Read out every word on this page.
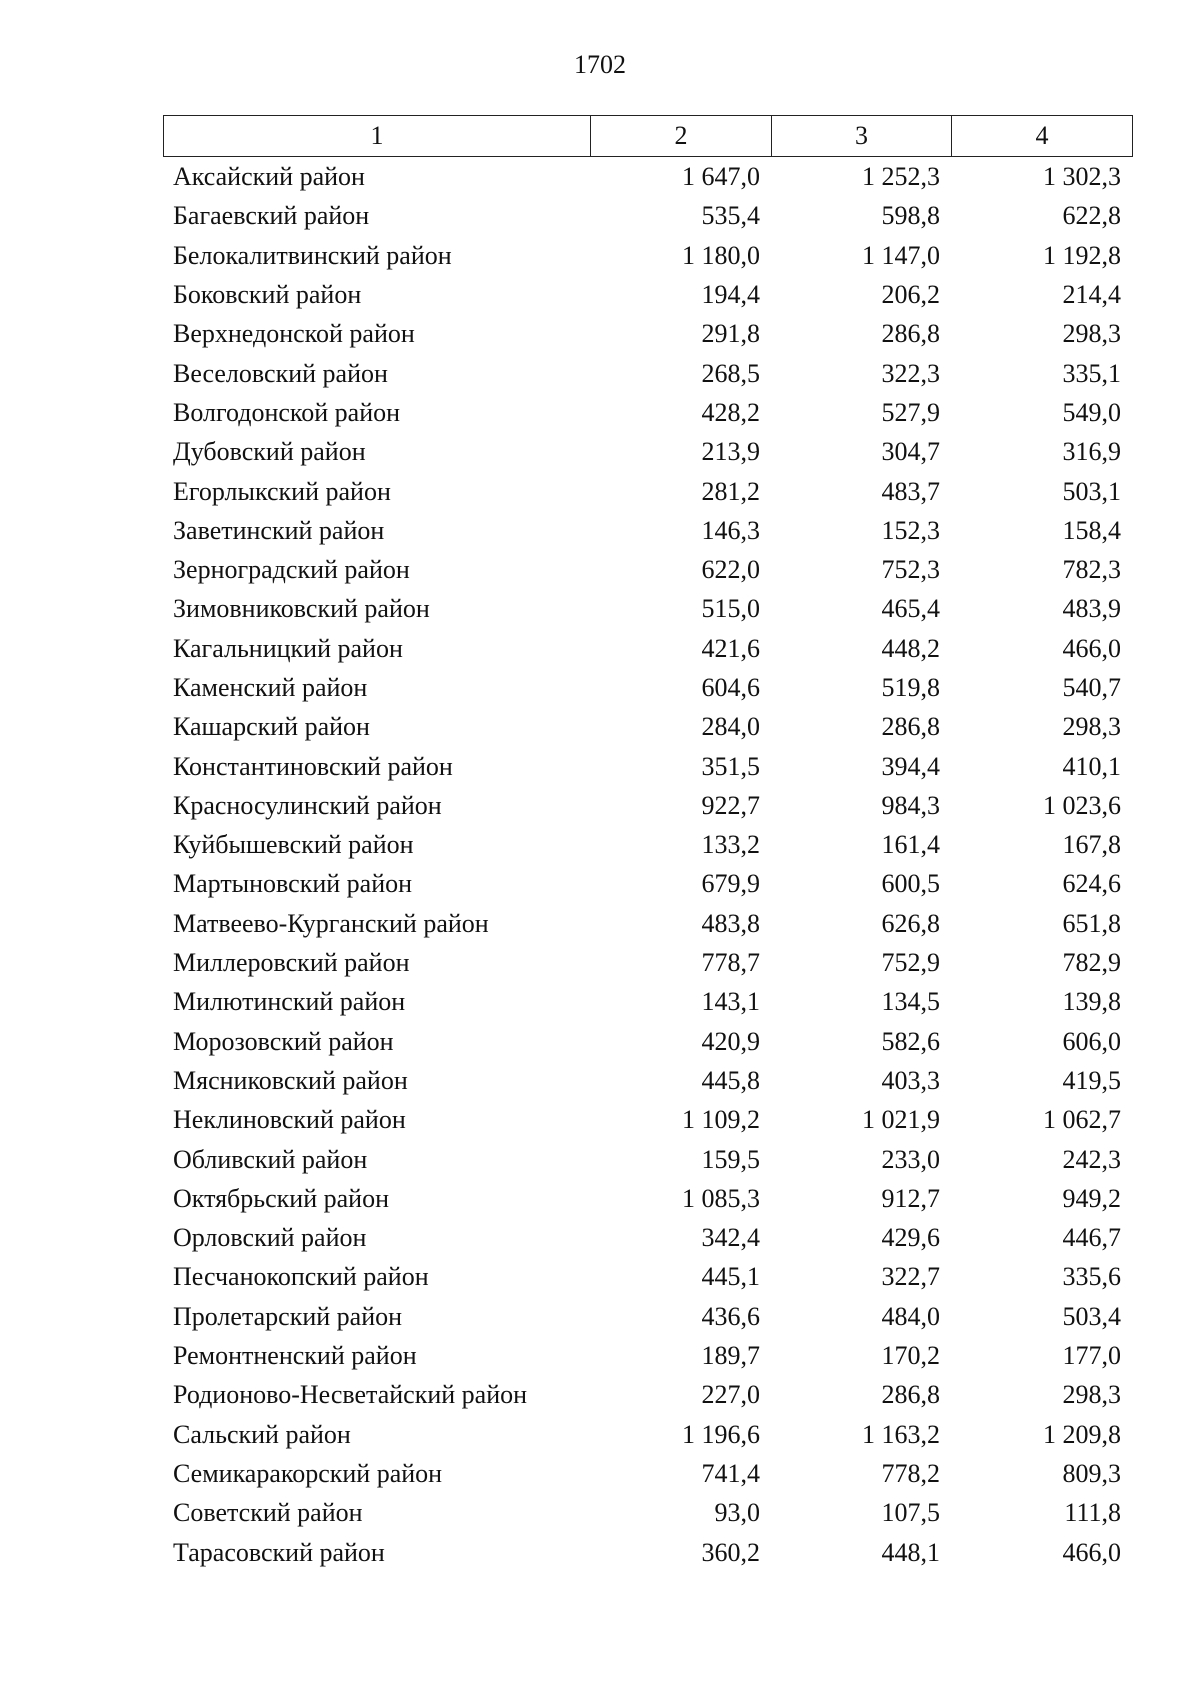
1702
1	2	3	4
Аксайский район	1 647,0	1 252,3	1 302,3
Багаевский район	535,4	598,8	622,8
Белокалитвинский район	1 180,0	1 147,0	1 192,8
Боковский район	194,4	206,2	214,4
Верхнедонской район	291,8	286,8	298,3
Веселовский район	268,5	322,3	335,1
Волгодонской район	428,2	527,9	549,0
Дубовский район	213,9	304,7	316,9
Егорлыкский район	281,2	483,7	503,1
Заветинский район	146,3	152,3	158,4
Зерноградский район	622,0	752,3	782,3
Зимовниковский район	515,0	465,4	483,9
Кагальницкий район	421,6	448,2	466,0
Каменский район	604,6	519,8	540,7
Кашарский район	284,0	286,8	298,3
Константиновский район	351,5	394,4	410,1
Красносулинский район	922,7	984,3	1 023,6
Куйбышевский район	133,2	161,4	167,8
Мартыновский район	679,9	600,5	624,6
Матвеево-Курганский район	483,8	626,8	651,8
Миллеровский район	778,7	752,9	782,9
Милютинский район	143,1	134,5	139,8
Морозовский район	420,9	582,6	606,0
Мясниковский район	445,8	403,3	419,5
Неклиновский район	1 109,2	1 021,9	1 062,7
Обливский район	159,5	233,0	242,3
Октябрьский район	1 085,3	912,7	949,2
Орловский район	342,4	429,6	446,7
Песчанокопский район	445,1	322,7	335,6
Пролетарский район	436,6	484,0	503,4
Ремонтненский район	189,7	170,2	177,0
Родионово-Несветайский район	227,0	286,8	298,3
Сальский район	1 196,6	1 163,2	1 209,8
Семикаракорский район	741,4	778,2	809,3
Советский район	93,0	107,5	111,8
Тарасовский район	360,2	448,1	466,0
